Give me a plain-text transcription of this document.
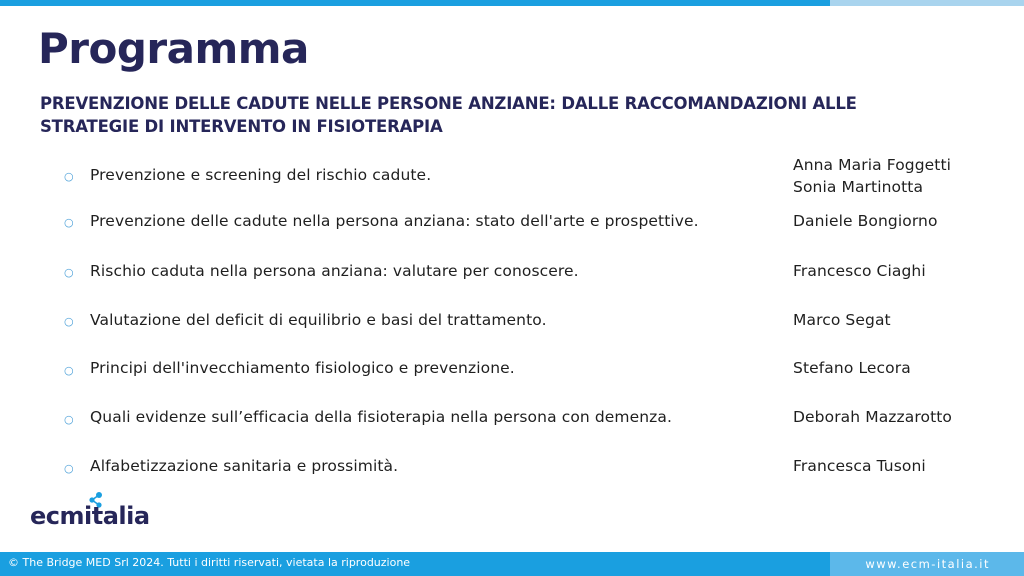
Programma
PREVENZIONE DELLE CADUTE NELLE PERSONE ANZIANE: DALLE RACCOMANDAZIONI ALLE
STRATEGIE DI INTERVENTO IN FISIOTERAPIA
○ Prevenzione e screening del rischio cadute.
Anna Maria Foggetti
Sonia Martinotta
○ Prevenzione delle cadute nella persona anziana: stato dell'arte e prospettive.	Daniele Bongiorno
○ Rischio caduta nella persona anziana: valutare per conoscere.	Francesco Ciaghi
○ Valutazione del deficit di equilibrio e basi del trattamento.	Marco Segat
○ Principi dell'invecchiamento fisiologico e prevenzione.	Stefano Lecora
○ Quali evidenze sull’efficacia della fisioterapia nella persona con demenza.	Deborah Mazzarotto
○ Alfabetizzazione sanitaria e prossimità.	Francesca Tusoni
ecmitalia
© The Bridge MED Srl 2024. Tutti i diritti riservati, vietata la riproduzione	www.ecm-italia.it
